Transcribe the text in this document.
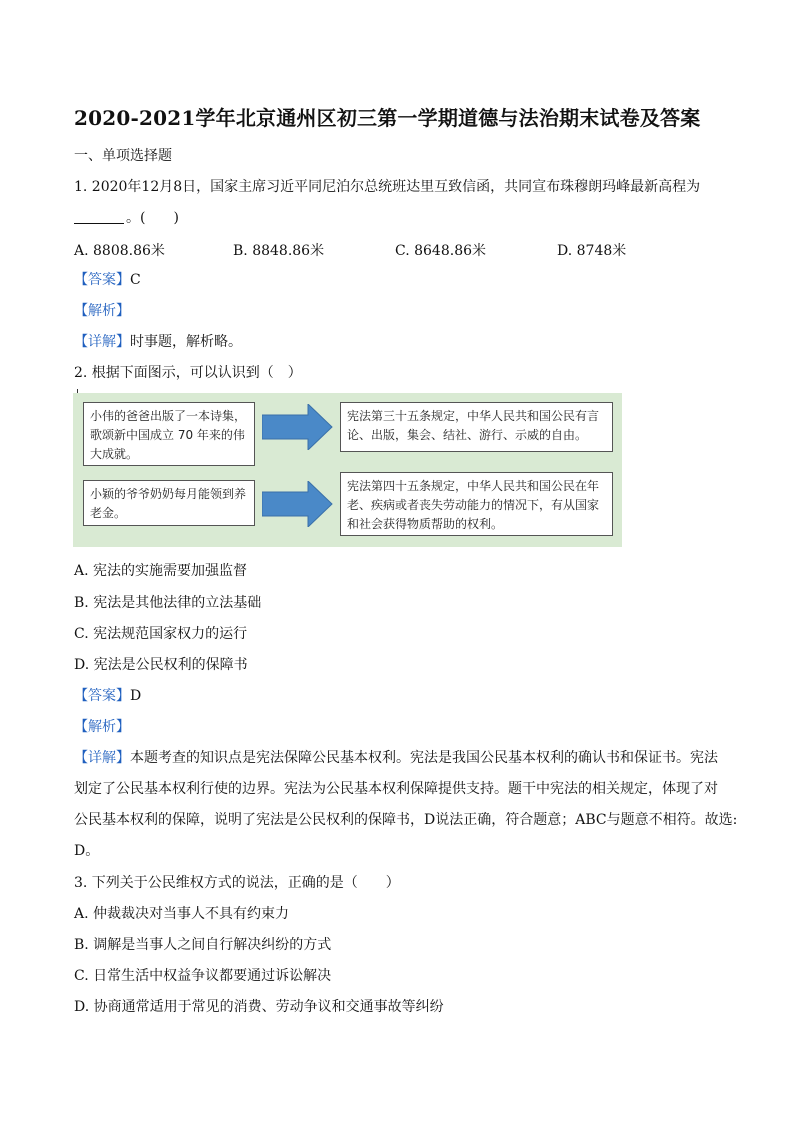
2020-2021学年北京通州区初三第一学期道德与法治期末试卷及答案
一、单项选择题
1. 2020年12月8日，国家主席习近平同尼泊尔总统班达里互致信函，共同宣布珠穆朗玛峰最新高程为
。(　　)
A. 8808.86米	B. 8848.86米	C. 8648.86米	D. 8748米
【答案】C
【解析】
【详解】时事题，解析略。
2. 根据下面图示，可以认识到（　）
小伟的爸爸出版了一本诗集，歌颂新中国成立 70 年来的伟大成就。
宪法第三十五条规定，中华人民共和国公民有言论、出版，集会、结社、游行、示威的自由。
小颖的爷爷奶奶每月能领到养老金。
宪法第四十五条规定，中华人民共和国公民在年老、疾病或者丧失劳动能力的情况下，有从国家和社会获得物质帮助的权利。
A. 宪法的实施需要加强监督
B. 宪法是其他法律的立法基础
C. 宪法规范国家权力的运行
D. 宪法是公民权利的保障书
【答案】D
【解析】
【详解】本题考查的知识点是宪法保障公民基本权利。宪法是我国公民基本权利的确认书和保证书。宪法
划定了公民基本权利行使的边界。宪法为公民基本权利保障提供支持。题干中宪法的相关规定，体现了对
公民基本权利的保障，说明了宪法是公民权利的保障书，D说法正确，符合题意；ABC与题意不相符。故选:
D。
3. 下列关于公民维权方式的说法，正确的是（　　）
A. 仲裁裁决对当事人不具有约束力
B. 调解是当事人之间自行解决纠纷的方式
C. 日常生活中权益争议都要通过诉讼解决
D. 协商通常适用于常见的消费、劳动争议和交通事故等纠纷
